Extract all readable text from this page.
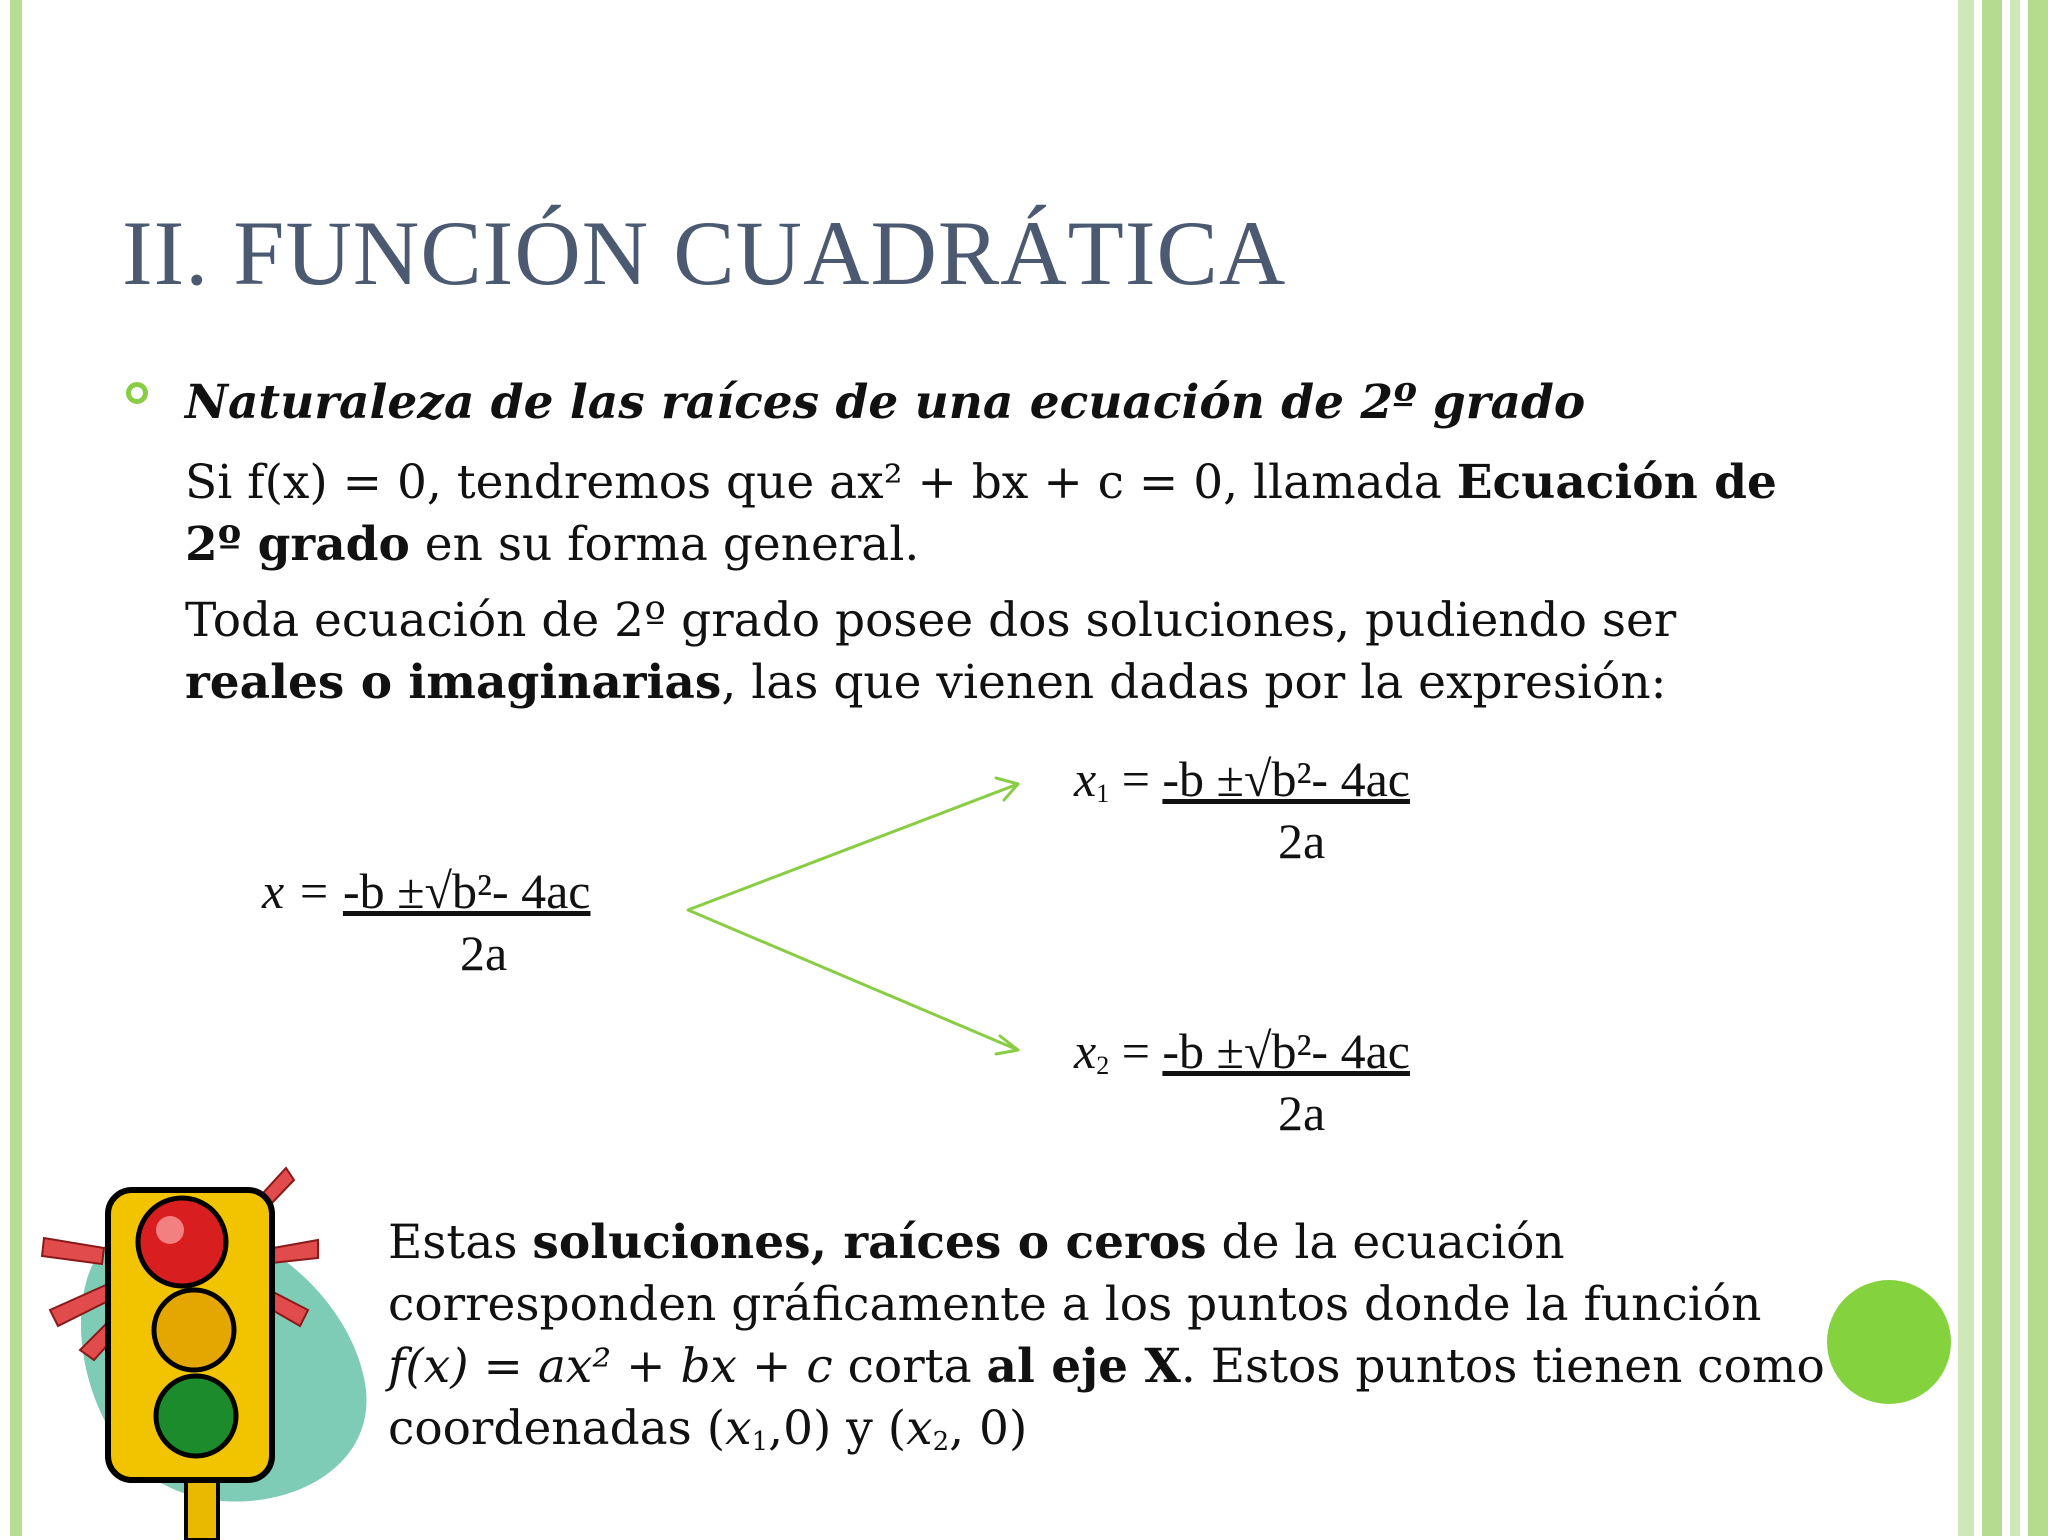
II. FUNCIÓN CUADRÁTICA
Naturaleza de las raíces de una ecuación de 2º grado
Si f(x) = 0, tendremos que ax² + bx + c = 0, llamada Ecuación de
2º grado en su forma general.
Toda ecuación de 2º grado posee dos soluciones, pudiendo ser
reales o imaginarias, las que vienen dadas por la expresión:
x = -b ±√b²- 4ac
2a
$x_1 = -b \pm√b^2-$ 4ac
2a
$x_2 = -b \pm√b^2-$ 4ac
2a
Estas soluciones, raíces o ceros de la ecuación
corresponden gráficamente a los puntos donde la función
f(x) = ax² + bx + c corta al eje X. Estos puntos tienen como
coordenadas $(x_1,0)$ y ($x_2$, 0)
